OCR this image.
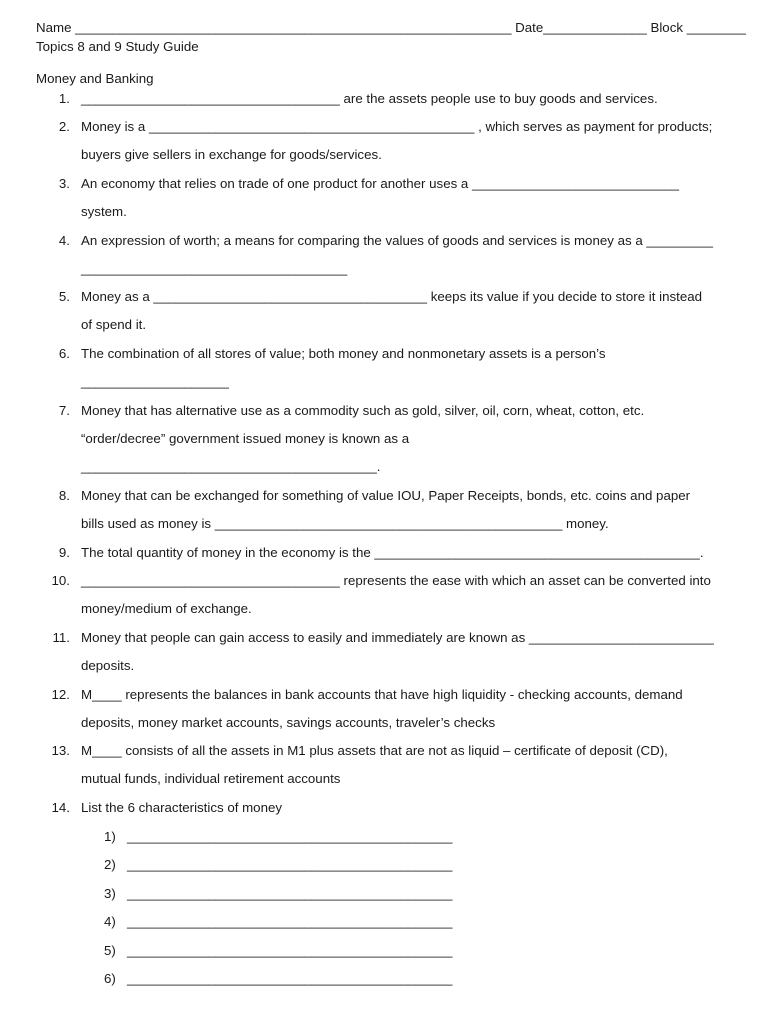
Name ___________________________________________________________ Date______________ Block ________
Topics 8 and 9 Study Guide
Money and Banking
1. ___________________________________ are the assets people use to buy goods and services.
2. Money is a ____________________________________________ , which serves as payment for products;
buyers give sellers in exchange for goods/services.
3. An economy that relies on trade of one product for another uses a ____________________________
system.
4. An expression of worth; a means for comparing the values of goods and services is money as a _________
____________________________________
5. Money as a _____________________________________ keeps its value if you decide to store it instead
of spend it.
6. The combination of all stores of value; both money and nonmonetary assets is a person’s
____________________
7. Money that has alternative use as a commodity such as gold, silver, oil, corn, wheat, cotton, etc.
“order/decree” government issued money is known as a
________________________________________.
8. Money that can be exchanged for something of value IOU, Paper Receipts, bonds, etc. coins and paper
bills used as money is _______________________________________________ money.
9. The total quantity of money in the economy is the ____________________________________________.
10. ___________________________________ represents the ease with which an asset can be converted into
money/medium of exchange.
11. Money that people can gain access to easily and immediately are known as _________________________
deposits.
12. M____ represents the balances in bank accounts that have high liquidity - checking accounts, demand
deposits, money market accounts, savings accounts, traveler’s checks
13. M____ consists of all the assets in M1 plus assets that are not as liquid – certificate of deposit (CD),
mutual funds, individual retirement accounts
14. List the 6 characteristics of money
1) ____________________________________________
2) ____________________________________________
3) ____________________________________________
4) ____________________________________________
5) ____________________________________________
6) ____________________________________________
